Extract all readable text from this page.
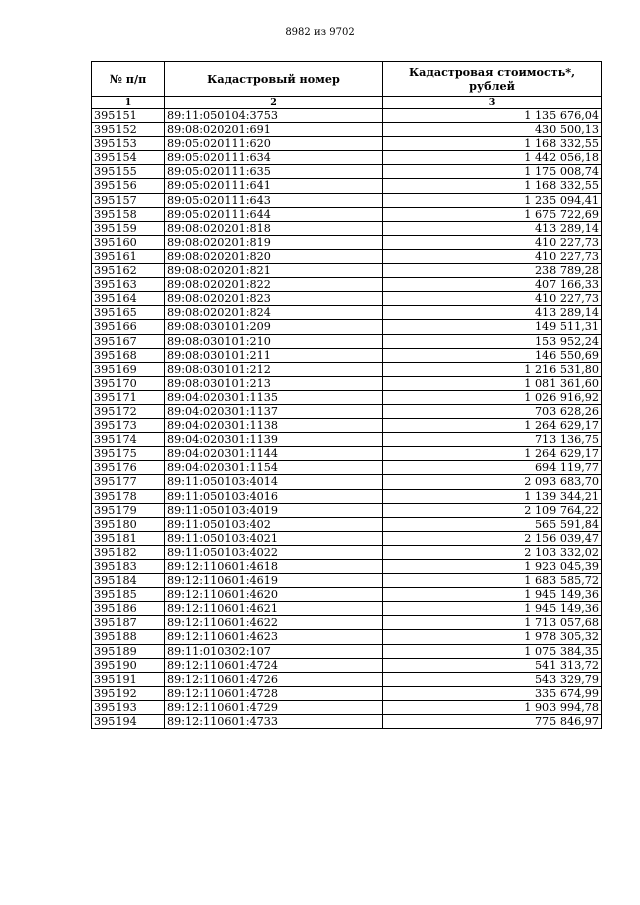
8982 из 9702
№ п/п	Кадастровый номер	Кадастровая стоимость*, рублей
1	2	3
395151	89:11:050104:3753	1 135 676,04
395152	89:08:020201:691	430 500,13
395153	89:05:020111:620	1 168 332,55
395154	89:05:020111:634	1 442 056,18
395155	89:05:020111:635	1 175 008,74
395156	89:05:020111:641	1 168 332,55
395157	89:05:020111:643	1 235 094,41
395158	89:05:020111:644	1 675 722,69
395159	89:08:020201:818	413 289,14
395160	89:08:020201:819	410 227,73
395161	89:08:020201:820	410 227,73
395162	89:08:020201:821	238 789,28
395163	89:08:020201:822	407 166,33
395164	89:08:020201:823	410 227,73
395165	89:08:020201:824	413 289,14
395166	89:08:030101:209	149 511,31
395167	89:08:030101:210	153 952,24
395168	89:08:030101:211	146 550,69
395169	89:08:030101:212	1 216 531,80
395170	89:08:030101:213	1 081 361,60
395171	89:04:020301:1135	1 026 916,92
395172	89:04:020301:1137	703 628,26
395173	89:04:020301:1138	1 264 629,17
395174	89:04:020301:1139	713 136,75
395175	89:04:020301:1144	1 264 629,17
395176	89:04:020301:1154	694 119,77
395177	89:11:050103:4014	2 093 683,70
395178	89:11:050103:4016	1 139 344,21
395179	89:11:050103:4019	2 109 764,22
395180	89:11:050103:402	565 591,84
395181	89:11:050103:4021	2 156 039,47
395182	89:11:050103:4022	2 103 332,02
395183	89:12:110601:4618	1 923 045,39
395184	89:12:110601:4619	1 683 585,72
395185	89:12:110601:4620	1 945 149,36
395186	89:12:110601:4621	1 945 149,36
395187	89:12:110601:4622	1 713 057,68
395188	89:12:110601:4623	1 978 305,32
395189	89:11:010302:107	1 075 384,35
395190	89:12:110601:4724	541 313,72
395191	89:12:110601:4726	543 329,79
395192	89:12:110601:4728	335 674,99
395193	89:12:110601:4729	1 903 994,78
395194	89:12:110601:4733	775 846,97
